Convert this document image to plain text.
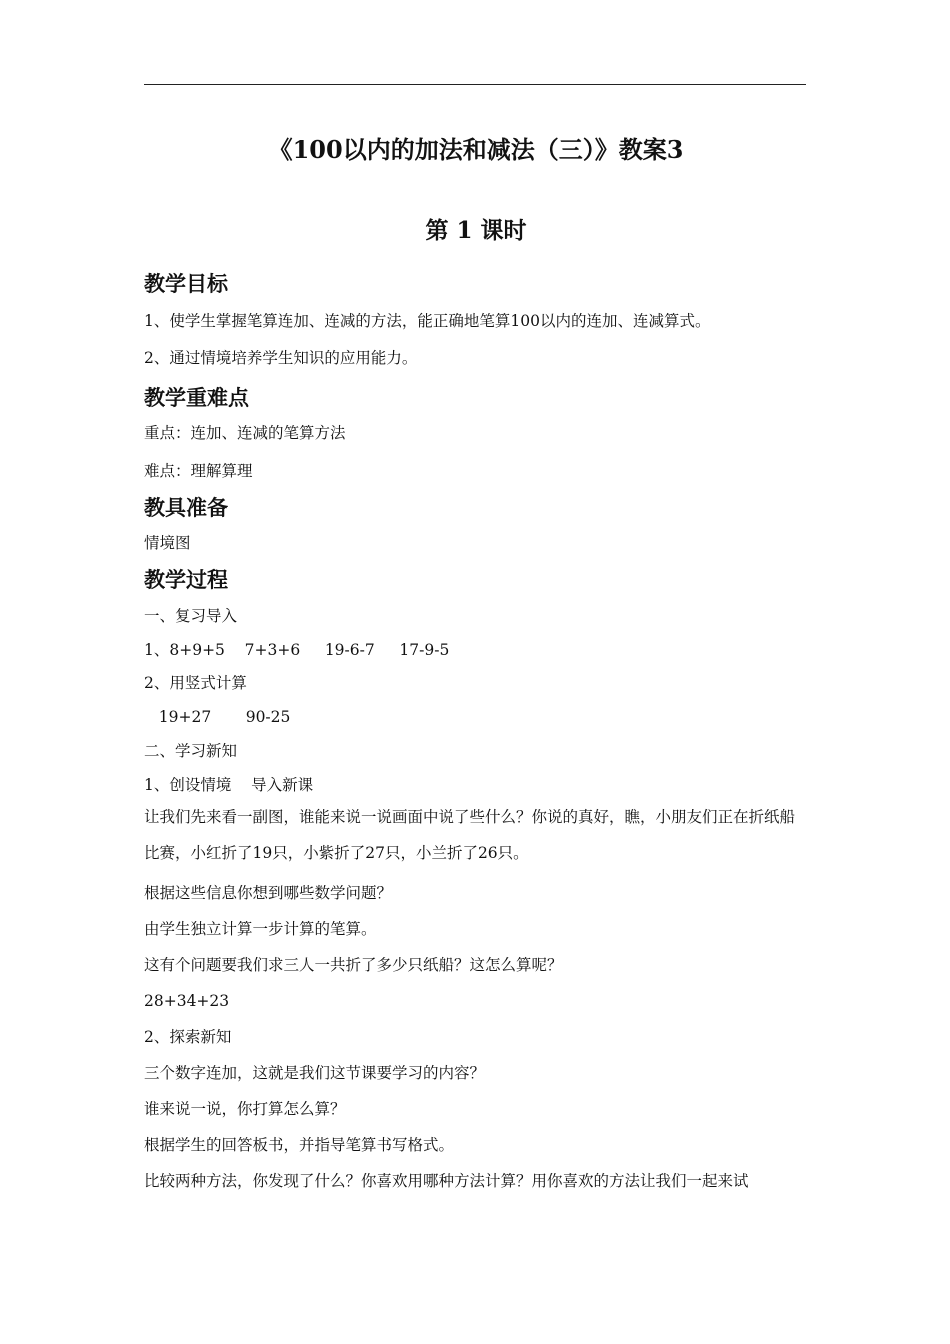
《100以内的加法和减法（三）》教案3
第 1 课时
教学目标
1、使学生掌握笔算连加、连减的方法，能正确地笔算100以内的连加、连减算式。
2、通过情境培养学生知识的应用能力。
教学重难点
重点：连加、连减的笔算方法
难点：理解算理
教具准备
情境图
教学过程
一、复习导入
1、8+9+5    7+3+6     19-6-7     17-9-5
2、用竖式计算
19+27       90-25
二、学习新知
1、创设情境    导入新课
让我们先来看一副图，谁能来说一说画面中说了些什么？你说的真好，瞧，小朋友们正在折纸船比赛，小红折了19只，小紫折了27只，小兰折了26只。
根据这些信息你想到哪些数学问题？
由学生独立计算一步计算的笔算。
这有个问题要我们求三人一共折了多少只纸船？这怎么算呢？
28+34+23
2、探索新知
三个数字连加，这就是我们这节课要学习的内容？
谁来说一说，你打算怎么算？
根据学生的回答板书，并指导笔算书写格式。
比较两种方法，你发现了什么？你喜欢用哪种方法计算？用你喜欢的方法让我们一起来试
